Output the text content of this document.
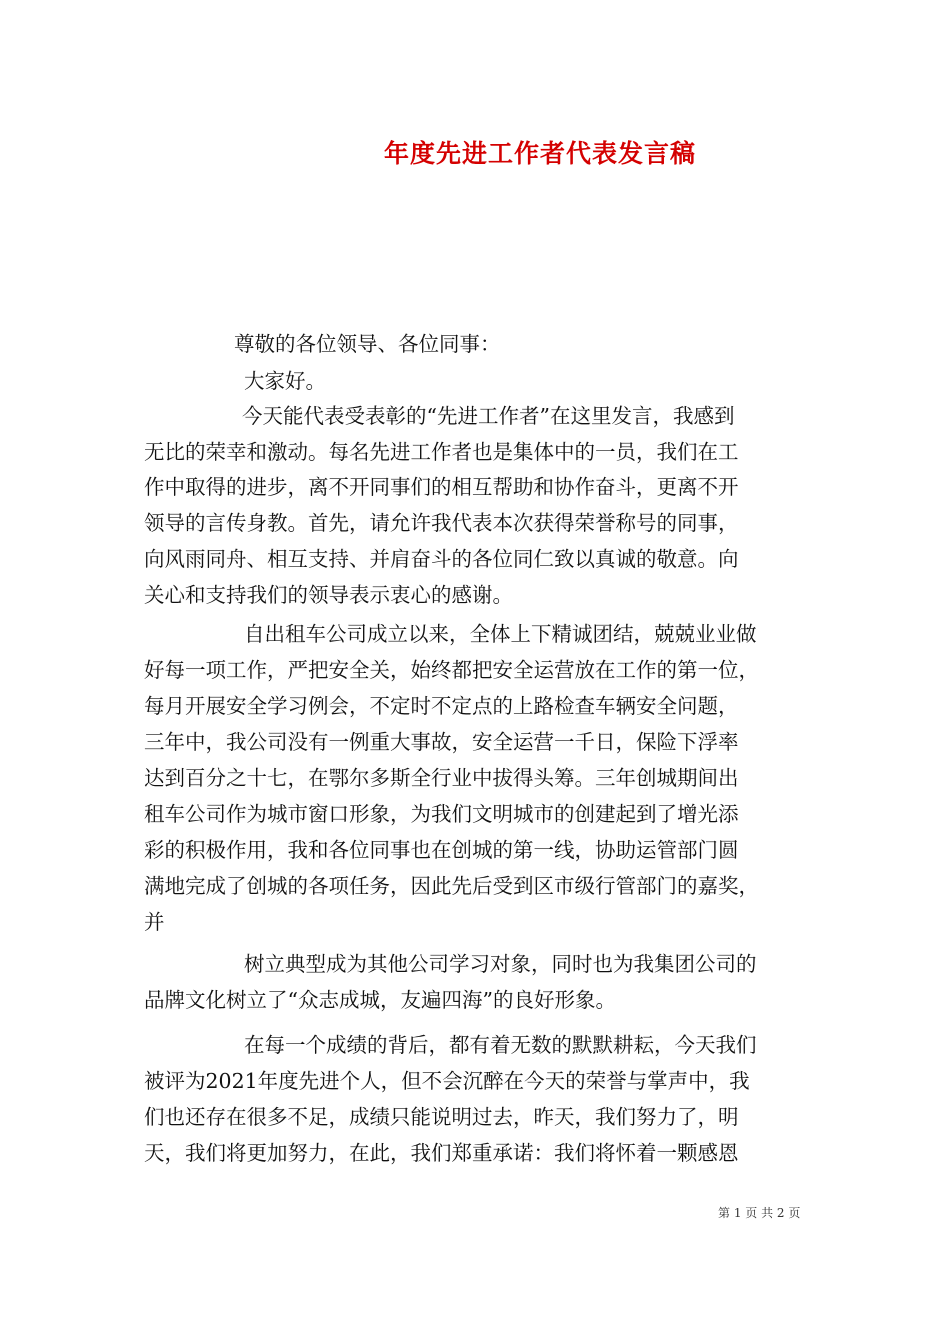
年度先进工作者代表发言稿

尊敬的各位领导、各位同事：

大家好。

今天能代表受表彰的“先进工作者”在这里发言，我感到

无比的荣幸和激动。每名先进工作者也是集体中的一员，我们在工

作中取得的进步，离不开同事们的相互帮助和协作奋斗，更离不开

领导的言传身教。首先，请允许我代表本次获得荣誉称号的同事，

向风雨同舟、相互支持、并肩奋斗的各位同仁致以真诚的敬意。向

关心和支持我们的领导表示衷心的感谢。

自出租车公司成立以来，全体上下精诚团结，兢兢业业做

好每一项工作，严把安全关，始终都把安全运营放在工作的第一位，

每月开展安全学习例会，不定时不定点的上路检查车辆安全问题，

三年中，我公司没有一例重大事故，安全运营一千日，保险下浮率

达到百分之十七，在鄂尔多斯全行业中拔得头筹。三年创城期间出

租车公司作为城市窗口形象，为我们文明城市的创建起到了增光添

彩的积极作用，我和各位同事也在创城的第一线，协助运管部门圆

满地完成了创城的各项任务，因此先后受到区市级行管部门的嘉奖，

并

树立典型成为其他公司学习对象，同时也为我集团公司的

品牌文化树立了“众志成城，友遍四海”的良好形象。

在每一个成绩的背后，都有着无数的默默耕耘，今天我们

被评为2021年度先进个人，但不会沉醉在今天的荣誉与掌声中，我

们也还存在很多不足，成绩只能说明过去，昨天，我们努力了，明

天，我们将更加努力，在此，我们郑重承诺：我们将怀着一颗感恩

第 1 页 共 2 页
